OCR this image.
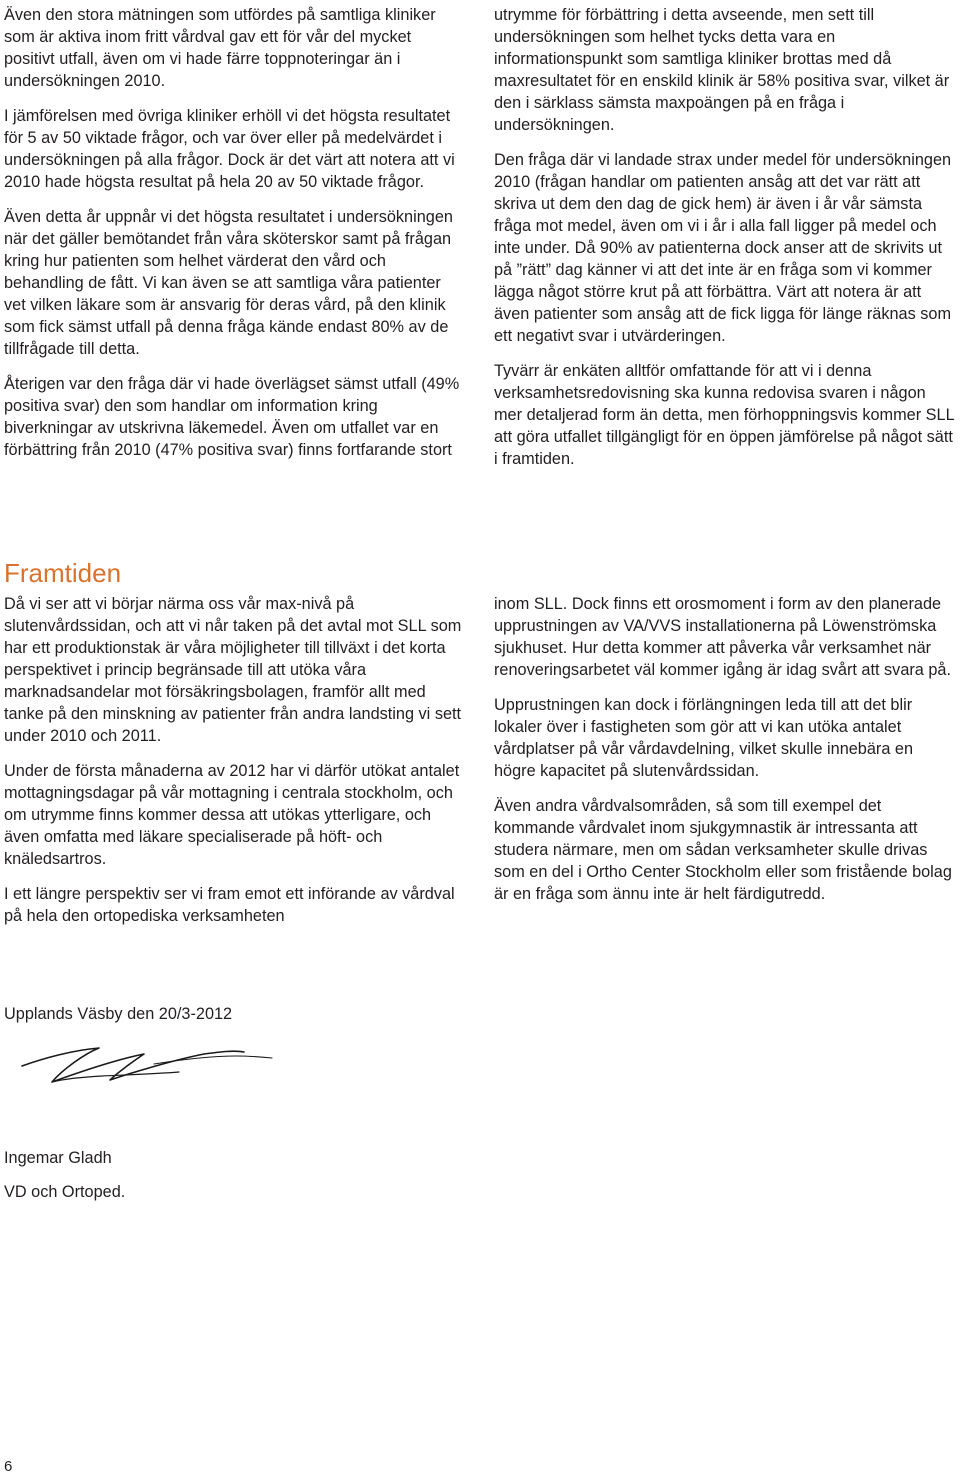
Även den stora mätningen som utfördes på samtliga kliniker som är aktiva inom fritt vårdval gav ett för vår del mycket positivt utfall, även om vi hade färre toppnoteringar än i undersökningen 2010.

I jämförelsen med övriga kliniker erhöll vi det högsta resultatet för 5 av 50 viktade frågor, och var över eller på medelvärdet i undersökningen på alla frågor. Dock är det värt att notera att vi 2010 hade högsta resultat på hela 20 av 50 viktade frågor.

Även detta år uppnår vi det högsta resultatet i undersökningen när det gäller bemötandet från våra sköterskor samt på frågan kring hur patienten som helhet värderat den vård och behandling de fått. Vi kan även se att samtliga våra patienter vet vilken läkare som är ansvarig för deras vård, på den klinik som fick sämst utfall på denna fråga kände endast 80% av de tillfrågade till detta.

Återigen var den fråga där vi hade överlägset sämst utfall (49% positiva svar) den som handlar om information kring biverkningar av utskrivna läkemedel. Även om utfallet var en förbättring från 2010 (47% positiva svar) finns fortfarande stort

utrymme för förbättring i detta avseende, men sett till undersökningen som helhet tycks detta vara en informationspunkt som samtliga kliniker brottas med då maxresultatet för en enskild klinik är 58% positiva svar, vilket är den i särklass sämsta maxpoängen på en fråga i undersökningen.

Den fråga där vi landade strax under medel för undersökningen 2010 (frågan handlar om patienten ansåg att det var rätt att skriva ut dem den dag de gick hem) är även i år vår sämsta fråga mot medel, även om vi i år i alla fall ligger på medel och inte under. Då 90% av patienterna dock anser att de skrivits ut på ”rätt” dag känner vi att det inte är en fråga som vi kommer lägga något större krut på att förbättra. Värt att notera är att även patienter som ansåg att de fick ligga för länge räknas som ett negativt svar i utvärderingen.

Tyvärr är enkäten alltför omfattande för att vi i denna verksamhetsredovisning ska kunna redovisa svaren i någon mer detaljerad form än detta, men förhoppningsvis kommer SLL att göra utfallet tillgängligt för en öppen jämförelse på något sätt i framtiden.

Framtiden

Då vi ser att vi börjar närma oss vår max-nivå på slutenvårdssidan, och att vi når taken på det avtal mot SLL som har ett produktionstak är våra möjligheter till tillväxt i det korta perspektivet i princip begränsade till att utöka våra marknadsandelar mot försäkringsbolagen, framför allt med tanke på den minskning av patienter från andra landsting vi sett under 2010 och 2011.

Under de första månaderna av 2012 har vi därför utökat antalet mottagningsdagar på vår mottagning i centrala stockholm, och om utrymme finns kommer dessa att utökas ytterligare, och även omfatta med läkare specialiserade på höft- och knäledsartros.

I ett längre perspektiv ser vi fram emot ett införande av vårdval på hela den ortopediska verksamheten

inom SLL. Dock finns ett orosmoment i form av den planerade upprustningen av VA/VVS installationerna på Löwenströmska sjukhuset. Hur detta kommer att påverka vår verksamhet när renoveringsarbetet väl kommer igång är idag svårt att svara på.

Upprustningen kan dock i förlängningen leda till att det blir lokaler över i fastigheten som gör att vi kan utöka antalet vårdplatser på vår vårdavdelning, vilket skulle innebära en högre kapacitet på slutenvårdssidan.

Även andra vårdvalsområden, så som till exempel det kommande vårdvalet inom sjukgymnastik är intressanta att studera närmare, men om sådan verksamheter skulle drivas som en del i Ortho Center Stockholm eller som fristående bolag är en fråga som ännu inte är helt färdigutredd.

Upplands Väsby den 20/3-2012

Ingemar Gladh

VD och Ortoped.

6
